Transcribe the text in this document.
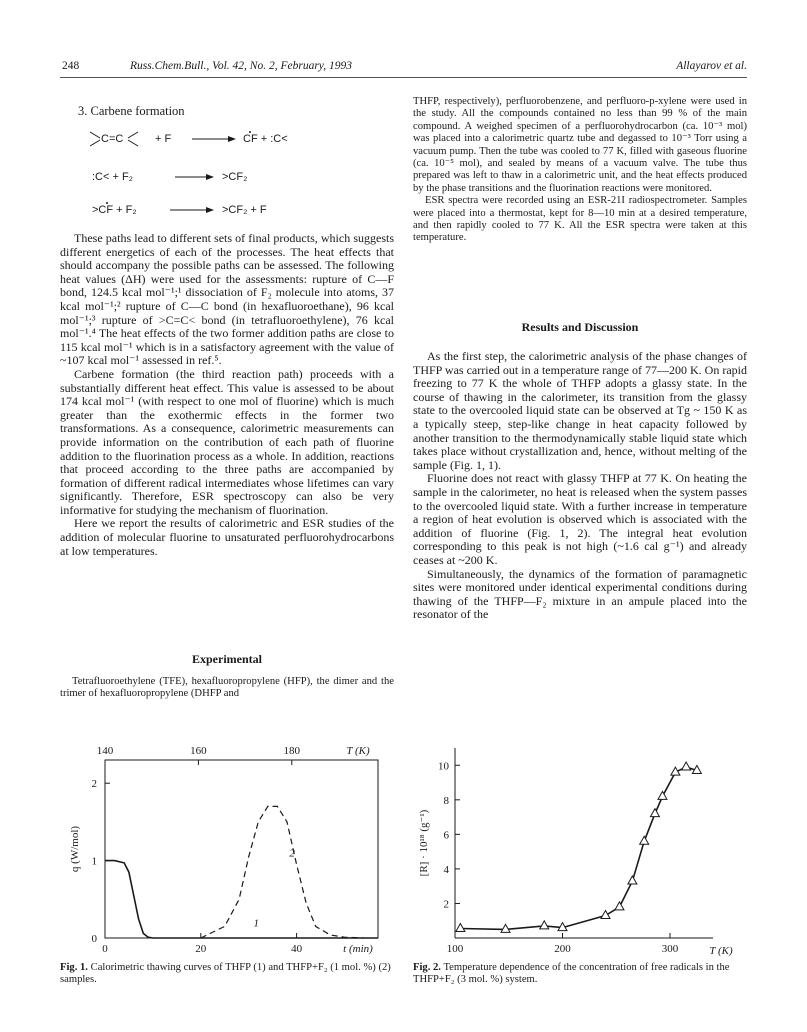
248	Russ.Chem.Bull., Vol. 42, No. 2, February, 1993	Allayarov et al.
3. Carbene formation
C=C	+ F	CF + :C<
:C< + F₂	>CF₂
>CF + F₂	>CF₂ + F

These paths lead to different sets of final products, which suggests different energetics of each of the processes. The heat effects that should accompany the possible paths can be assessed. The following heat values (ΔH) were used for the assessments: rupture of C—F bond, 124.5 kcal mol⁻¹;¹ dissociation of F₂ molecule into atoms, 37 kcal mol⁻¹;² rupture of C—C bond (in hexafluoroethane), 96 kcal mol⁻¹;³ rupture of >C=C< bond (in tetrafluoroethylene), 76 kcal mol⁻¹.⁴ The heat effects of the two former addition paths are close to 115 kcal mol⁻¹ which is in a satisfactory agreement with the value of ~107 kcal mol⁻¹ assessed in ref.⁵.

Carbene formation (the third reaction path) proceeds with a substantially different heat effect. This value is assessed to be about 174 kcal mol⁻¹ (with respect to one mol of fluorine) which is much greater than the exothermic effects in the former two transformations. As a consequence, calorimetric measurements can provide information on the contribution of each path of fluorine addition to the fluorination process as a whole. In addition, reactions that proceed according to the three paths are accompanied by formation of different radical intermediates whose lifetimes can vary significantly. Therefore, ESR spectroscopy can also be very informative for studying the mechanism of fluorination.

Here we report the results of calorimetric and ESR studies of the addition of molecular fluorine to unsaturated perfluorohydrocarbons at low temperatures.

Experimental

Tetrafluoroethylene (TFE), hexafluoropropylene (HFP), the dimer and the trimer of hexafluoropropylene (DHFP and

THFP, respectively), perfluorobenzene, and perfluoro-p-xylene were used in the study. All the compounds contained no less than 99 % of the main compound. A weighed specimen of a perfluorohydrocarbon (ca. 10⁻³ mol) was placed into a calorimetric quartz tube and degassed to 10⁻³ Torr using a vacuum pump. Then the tube was cooled to 77 K, filled with gaseous fluorine (ca. 10⁻⁵ mol), and sealed by means of a vacuum valve. The tube thus prepared was left to thaw in a calorimetric unit, and the heat effects produced by the phase transitions and the fluorination reactions were monitored.

ESR spectra were recorded using an ESR-21I radiospectrometer. Samples were placed into a thermostat, kept for 8—10 min at a desired temperature, and then rapidly cooled to 77 K. All the ESR spectra were taken at this temperature.

Results and Discussion

As the first step, the calorimetric analysis of the phase changes of THFP was carried out in a temperature range of 77—200 K. On rapid freezing to 77 K the whole of THFP adopts a glassy state. In the course of thawing in the calorimeter, its transition from the glassy state to the overcooled liquid state can be observed at Tg ~ 150 K as a typically steep, step-like change in heat capacity followed by another transition to the thermodynamically stable liquid state which takes place without crystallization and, hence, without melting of the sample (Fig. 1, 1).

Fluorine does not react with glassy THFP at 77 K. On heating the sample in the calorimeter, no heat is released when the system passes to the overcooled liquid state. With a further increase in temperature a region of heat evolution is observed which is associated with the addition of fluorine (Fig. 1, 2). The integral heat evolution corresponding to this peak is not high (~1.6 cal g⁻¹) and already ceases at ~200 K.

Simultaneously, the dynamics of the formation of paramagnetic sites were monitored under identical experimental conditions during thawing of the THFP—F₂ mixture in an ampule placed into the resonator of the

140	160	180	T (K)
0	20	40	t (min)
0
1
2
q (W/mol)
1
2
Fig. 1. Calorimetric thawing curves of THFP (1) and THFP+F₂ (1 mol. %) (2) samples.
100	200	300	T (K)
2
4
6
8
10
[R] · 10¹⁸ (g⁻¹)
Fig. 2. Temperature dependence of the concentration of free radicals in the THFP+F₂ (3 mol. %) system.
